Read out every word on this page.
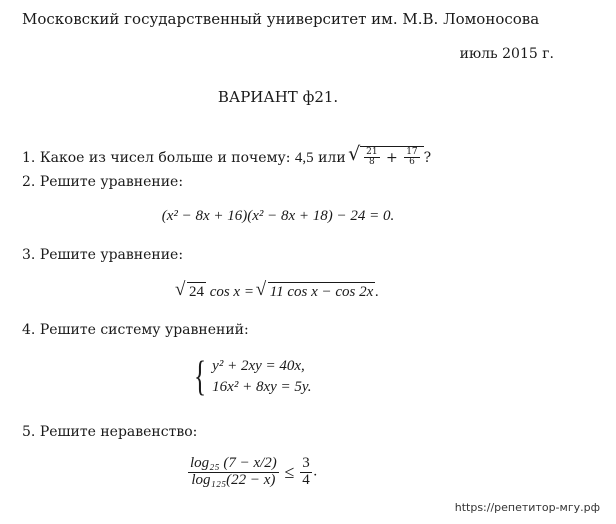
Московский государственный университет им. М.В. Ломоносова
июль 2015 г.
ВАРИАНТ ф21.
1. Какое из чисел больше и почему: 4,5 или √ $\frac{21}{8} + \frac{17}{6}$ ?
2. Решите уравнение:
(x² − 8x + 16)(x² − 8x + 18) − 24 = 0.
3. Решите уравнение:
√ 24 cos x = √ 11 cos x − cos 2x .
4. Решите систему уравнений:
{ y² + 2xy = 40x,
16x² + 8xy = 5y.
5. Решите неравенство:
$\frac{\text{log₂₅ (7 − x/2)}}{\text{log₁₂₅(22 − x)}} \le \frac{3}{4}$ .
https://репетитор-мгу.рф
